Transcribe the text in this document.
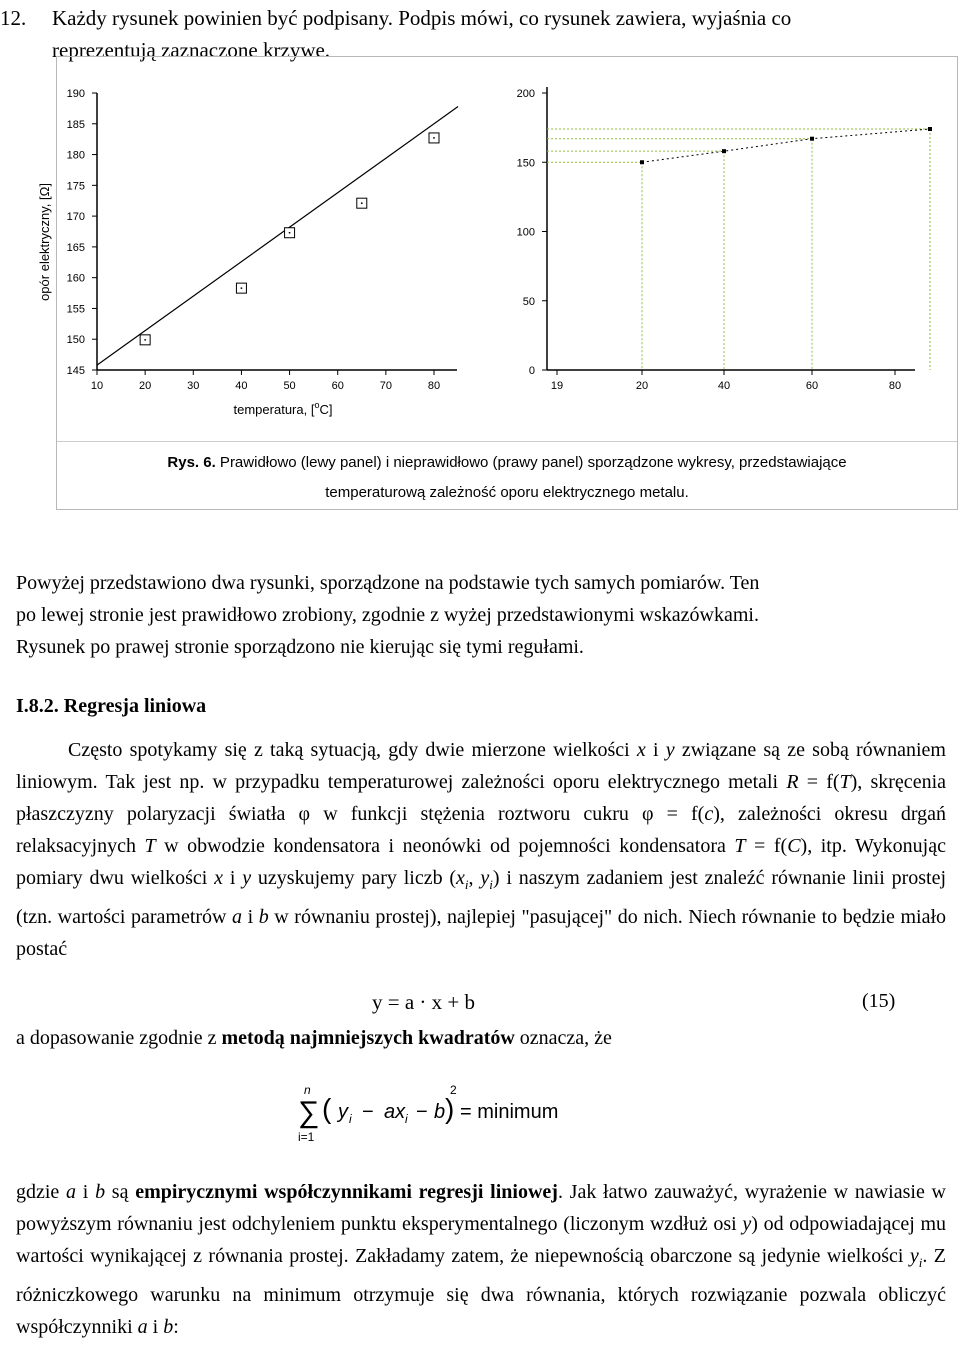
12. Każdy rysunek powinien być podpisany. Podpis mówi, co rysunek zawiera, wyjaśnia co
reprezentują zaznaczone krzywe.
145
150
155
160
165
170
175
180
185
190
10	20	30	40	50	60	70	80
opór elektryczny, [Ω]
temperatura, [$^o$C]
0
50
100
150
200
19	20	40	60	80
Rys. 6. Prawidłowo (lewy panel) i nieprawidłowo (prawy panel) sporządzone wykresy, przedstawiające
temperaturową zależność oporu elektrycznego metalu.
Powyżej przedstawiono dwa rysunki, sporządzone na podstawie tych samych pomiarów. Ten
po lewej stronie jest prawidłowo zrobiony, zgodnie z wyżej przedstawionymi wskazówkami.
Rysunek po prawej stronie sporządzono nie kierując się tymi regułami.
I.8.2. Regresja liniowa
Często spotykamy się z taką sytuacją, gdy dwie mierzone wielkości x i y związane są ze sobą równaniem liniowym. Tak jest np. w przypadku temperaturowej zależności oporu elektrycznego metali R = f(T), skręcenia płaszczyzny polaryzacji światła φ w funkcji stężenia roztworu cukru φ = f(c), zależności okresu drgań relaksacyjnych T w obwodzie kondensatora i neonówki od pojemności kondensatora T = f(C), itp. Wykonując pomiary dwu wielkości x i y uzyskujemy pary liczb ($x_i$, $y_i$) i naszym zadaniem jest znaleźć równanie linii prostej (tzn. wartości parametrów a i b w równaniu prostej), najlepiej "pasującej" do nich. Niech równanie to będzie miało postać
y = a · x + b	(15)
a dopasowanie zgodnie z metodą najmniejszych kwadratów oznacza, że
n
∑
i=1
( y i − ax i − b )
2
= minimum
gdzie a i b są empirycznymi współczynnikami regresji liniowej. Jak łatwo zauważyć, wyrażenie w nawiasie w powyższym równaniu jest odchyleniem punktu eksperymentalnego (liczonym wzdłuż osi y) od odpowiadającej mu wartości wynikającej z równania prostej. Zakładamy zatem, że niepewnością obarczone są jedynie wielkości $y_i$. Z różniczkowego warunku na minimum otrzymuje się dwa równania, których rozwiązanie pozwala obliczyć współczynniki a i b:
